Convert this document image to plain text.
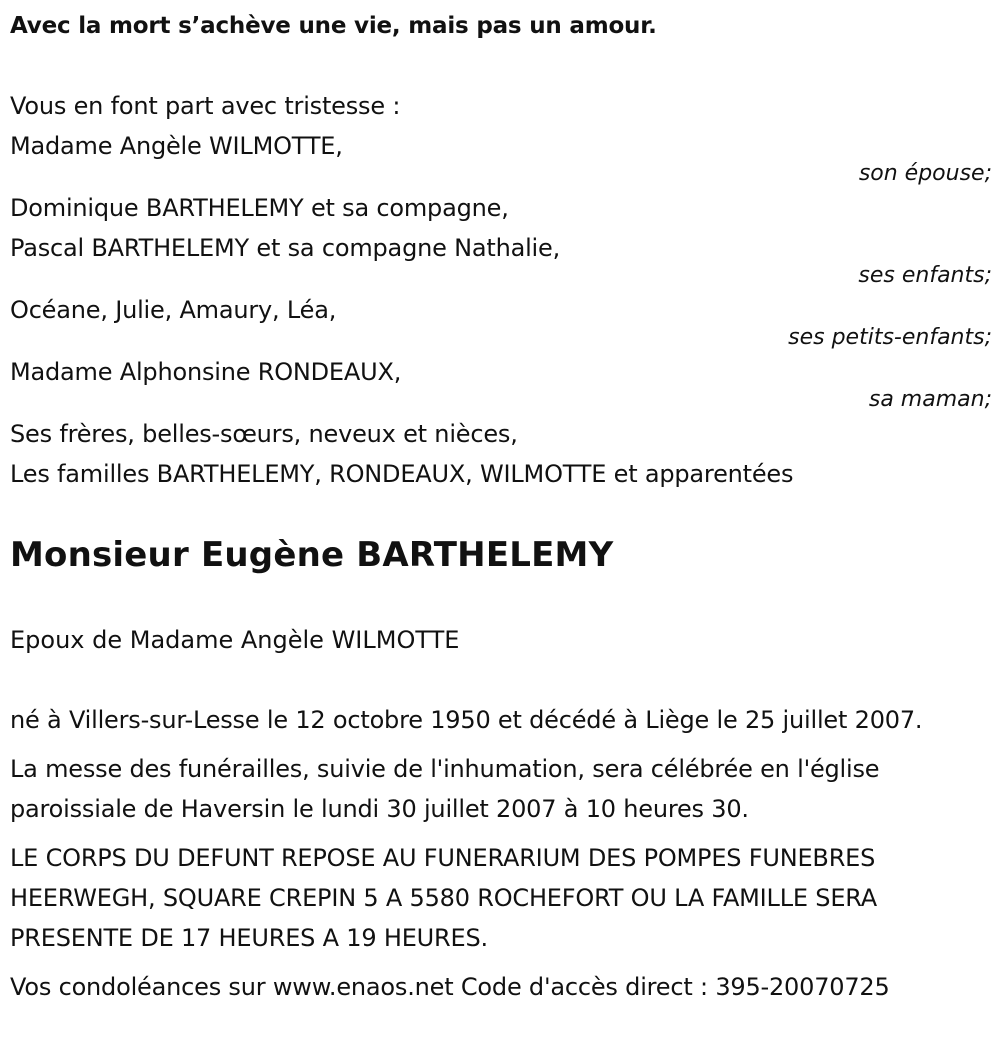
Avec la mort s’achève une vie, mais pas un amour.
Vous en font part avec tristesse :
Madame Angèle WILMOTTE,
son épouse;
Dominique BARTHELEMY et sa compagne,
Pascal BARTHELEMY et sa compagne Nathalie,
ses enfants;
Océane, Julie, Amaury, Léa,
ses petits-enfants;
Madame Alphonsine RONDEAUX,
sa maman;
Ses frères, belles-sœurs, neveux et nièces,
Les familles BARTHELEMY, RONDEAUX, WILMOTTE et apparentées
Monsieur Eugène BARTHELEMY
Epoux de Madame Angèle WILMOTTE
né à Villers-sur-Lesse le 12 octobre 1950 et décédé à Liège le 25 juillet 2007.
La messe des funérailles, suivie de l'inhumation, sera célébrée en l'église paroissiale de Haversin le lundi 30 juillet 2007 à 10 heures 30.
LE CORPS DU DEFUNT REPOSE AU FUNERARIUM DES POMPES FUNEBRES HEERWEGH, SQUARE CREPIN 5 A 5580 ROCHEFORT OU LA FAMILLE SERA PRESENTE DE 17 HEURES A 19 HEURES.
Vos condoléances sur www.enaos.net Code d'accès direct : 395-20070725
